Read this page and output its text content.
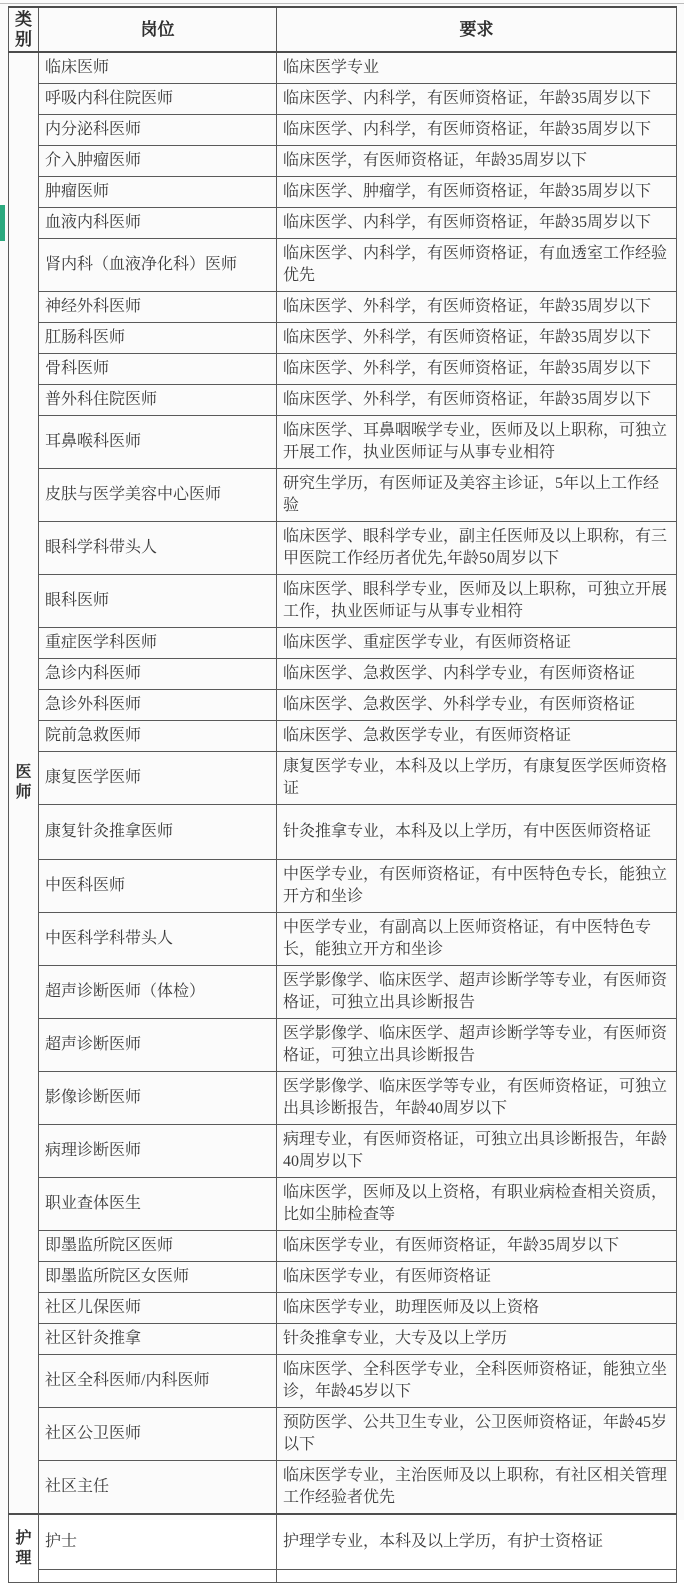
类别	岗位	要求
医师	临床医师	临床医学专业
	呼吸内科住院医师	临床医学、内科学，有医师资格证，年龄35周岁以下
	内分泌科医师	临床医学、内科学，有医师资格证，年龄35周岁以下
	介入肿瘤医师	临床医学，有医师资格证，年龄35周岁以下
	肿瘤医师	临床医学、肿瘤学，有医师资格证，年龄35周岁以下
	血液内科医师	临床医学、内科学，有医师资格证，年龄35周岁以下
	肾内科（血液净化科）医师	临床医学、内科学，有医师资格证，有血透室工作经验优先
	神经外科医师	临床医学、外科学，有医师资格证，年龄35周岁以下
	肛肠科医师	临床医学、外科学，有医师资格证，年龄35周岁以下
	骨科医师	临床医学、外科学，有医师资格证，年龄35周岁以下
	普外科住院医师	临床医学、外科学，有医师资格证，年龄35周岁以下
	耳鼻喉科医师	临床医学、耳鼻咽喉学专业，医师及以上职称，可独立开展工作，执业医师证与从事专业相符
	皮肤与医学美容中心医师	研究生学历，有医师证及美容主诊证，5年以上工作经验
	眼科学科带头人	临床医学、眼科学专业，副主任医师及以上职称，有三甲医院工作经历者优先,年龄50周岁以下
	眼科医师	临床医学、眼科学专业，医师及以上职称，可独立开展工作，执业医师证与从事专业相符
	重症医学科医师	临床医学、重症医学专业，有医师资格证
	急诊内科医师	临床医学、急救医学、内科学专业，有医师资格证
	急诊外科医师	临床医学、急救医学、外科学专业，有医师资格证
	院前急救医师	临床医学、急救医学专业，有医师资格证
	康复医学医师	康复医学专业，本科及以上学历，有康复医学医师资格证
	康复针灸推拿医师	针灸推拿专业，本科及以上学历，有中医医师资格证
	中医科医师	中医学专业，有医师资格证，有中医特色专长，能独立开方和坐诊
	中医科学科带头人	中医学专业，有副高以上医师资格证，有中医特色专长，能独立开方和坐诊
	超声诊断医师（体检）	医学影像学、临床医学、超声诊断学等专业，有医师资格证，可独立出具诊断报告
	超声诊断医师	医学影像学、临床医学、超声诊断学等专业，有医师资格证，可独立出具诊断报告
	影像诊断医师	医学影像学、临床医学等专业，有医师资格证，可独立出具诊断报告，年龄40周岁以下
	病理诊断医师	病理专业，有医师资格证，可独立出具诊断报告，年龄40周岁以下
	职业查体医生	临床医学，医师及以上资格，有职业病检查相关资质，比如尘肺检查等
	即墨监所院区医师	临床医学专业，有医师资格证，年龄35周岁以下
	即墨监所院区女医师	临床医学专业，有医师资格证
	社区儿保医师	临床医学专业，助理医师及以上资格
	社区针灸推拿	针灸推拿专业，大专及以上学历
	社区全科医师/内科医师	临床医学、全科医学专业，全科医师资格证，能独立坐诊，年龄45岁以下
	社区公卫医师	预防医学、公共卫生专业，公卫医师资格证，年龄45岁以下
	社区主任	临床医学专业，主治医师及以上职称，有社区相关管理工作经验者优先
护理	护士	护理学专业，本科及以上学历，有护士资格证
